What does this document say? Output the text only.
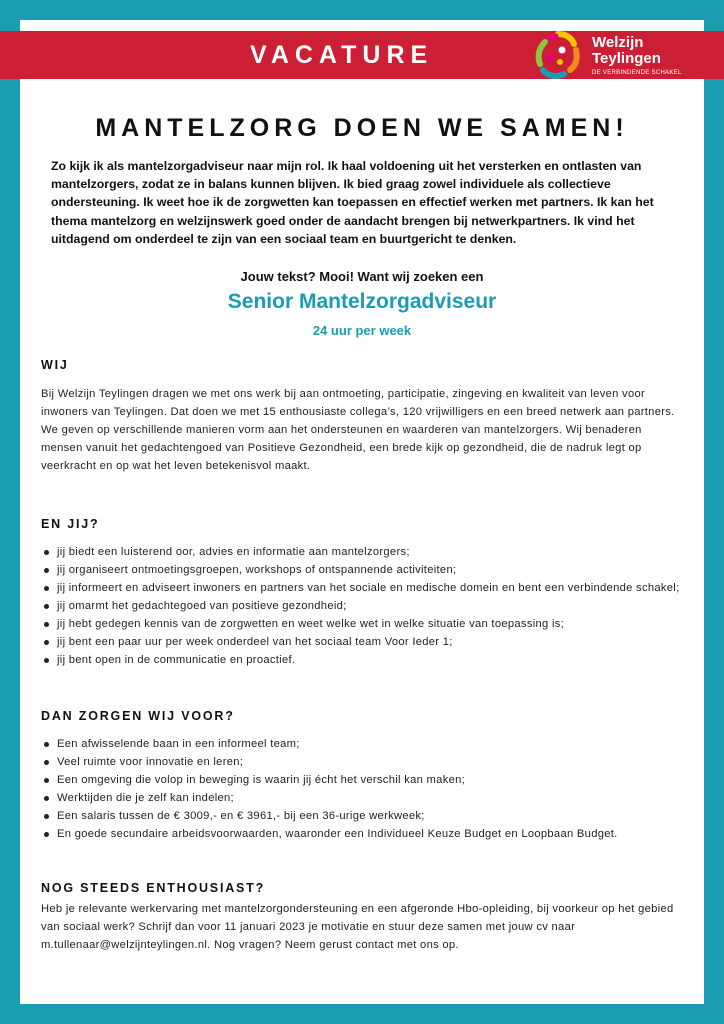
VACATURE	Welzijn
Teylingen
DE VERBINDENDE SCHAKEL
MANTELZORG DOEN WE SAMEN!

Zo kijk ik als mantelzorgadviseur naar mijn rol. Ik haal voldoening uit het versterken en ontlasten van mantelzorgers, zodat ze in balans kunnen blijven. Ik bied graag zowel individuele als collectieve ondersteuning. Ik weet hoe ik de zorgwetten kan toepassen en effectief werken met partners. Ik kan het thema mantelzorg en welzijnswerk goed onder de aandacht brengen bij netwerkpartners. Ik vind het uitdagend om onderdeel te zijn van een sociaal team en buurtgericht te denken.

Jouw tekst? Mooi! Want wij zoeken een

Senior Mantelzorgadviseur

24 uur per week

WIJ

Bij Welzijn Teylingen dragen we met ons werk bij aan ontmoeting, participatie, zingeving en kwaliteit van leven voor inwoners van Teylingen. Dat doen we met 15 enthousiaste collega’s, 120 vrijwilligers en een breed netwerk aan partners. We geven op verschillende manieren vorm aan het ondersteunen en waarderen van mantelzorgers. Wij benaderen mensen vanuit het gedachtengoed van Positieve Gezondheid, een brede kijk op gezondheid, die de nadruk legt op veerkracht en op wat het leven betekenisvol maakt.

EN JIJ?
jij biedt een luisterend oor, advies en informatie aan mantelzorgers;
jij organiseert ontmoetingsgroepen, workshops of ontspannende activiteiten;
jij informeert en adviseert inwoners en partners van het sociale en medische domein en bent een verbindende schakel;
jij omarmt het gedachtegoed van positieve gezondheid;
jij hebt gedegen kennis van de zorgwetten en weet welke wet in welke situatie van toepassing is;
jij bent een paar uur per week onderdeel van het sociaal team Voor Ieder 1;
jij bent open in de communicatie en proactief.
DAN ZORGEN WIJ VOOR?
Een afwisselende baan in een informeel team;
Veel ruimte voor innovatie en leren;
Een omgeving die volop in beweging is waarin jij écht het verschil kan maken;
Werktijden die je zelf kan indelen;
Een salaris tussen de € 3009,- en € 3961,- bij een 36-urige werkweek;
En goede secundaire arbeidsvoorwaarden, waaronder een Individueel Keuze Budget en Loopbaan Budget.
NOG STEEDS ENTHOUSIAST?

Heb je relevante werkervaring met mantelzorgondersteuning en een afgeronde Hbo-opleiding, bij voorkeur op het gebied van sociaal werk? Schrijf dan voor 11 januari 2023 je motivatie en stuur deze samen met jouw cv naar m.tullenaar@welzijnteylingen.nl. Nog vragen? Neem gerust contact met ons op.
